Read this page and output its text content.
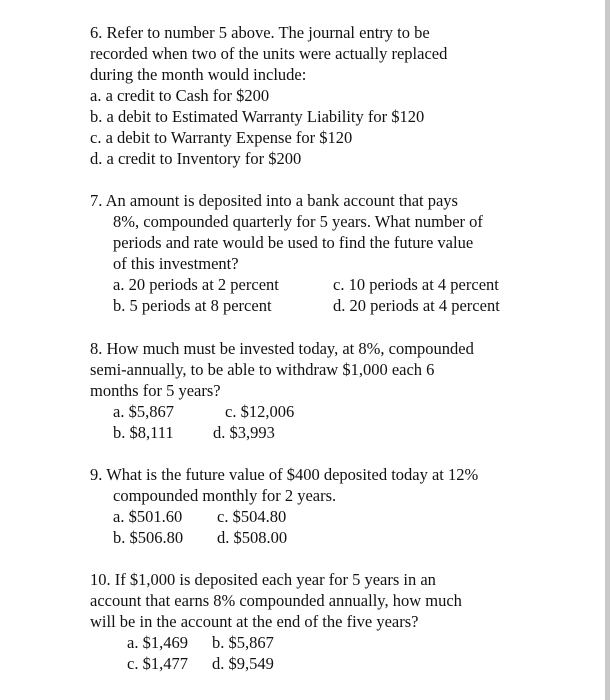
6. Refer to number 5 above. The journal entry to be
recorded when two of the units were actually replaced
during the month would include:
a. a credit to Cash for $200
b. a debit to Estimated Warranty Liability for $120
c. a debit to Warranty Expense for $120
d. a credit to Inventory for $200
7. An amount is deposited into a bank account that pays
8%, compounded quarterly for 5 years. What number of
periods and rate would be used to find the future value
of this investment?
a. 20 periods at 2 percent	c. 10 periods at 4 percent
b. 5 periods at 8 percent	d. 20 periods at 4 percent
8. How much must be invested today, at 8%, compounded
semi-annually, to be able to withdraw $1,000 each 6
months for 5 years?
a. $5,867	c. $12,006
b. $8,111 d. $3,993
9. What is the future value of $400 deposited today at 12%
compounded monthly for 2 years.
a. $501.60 c. $504.80
b. $506.80 d. $508.00
10. If $1,000 is deposited each year for 5 years in an
account that earns 8% compounded annually, how much
will be in the account at the end of the five years?
a. $1,469 b. $5,867
c. $1,477 d. $9,549
